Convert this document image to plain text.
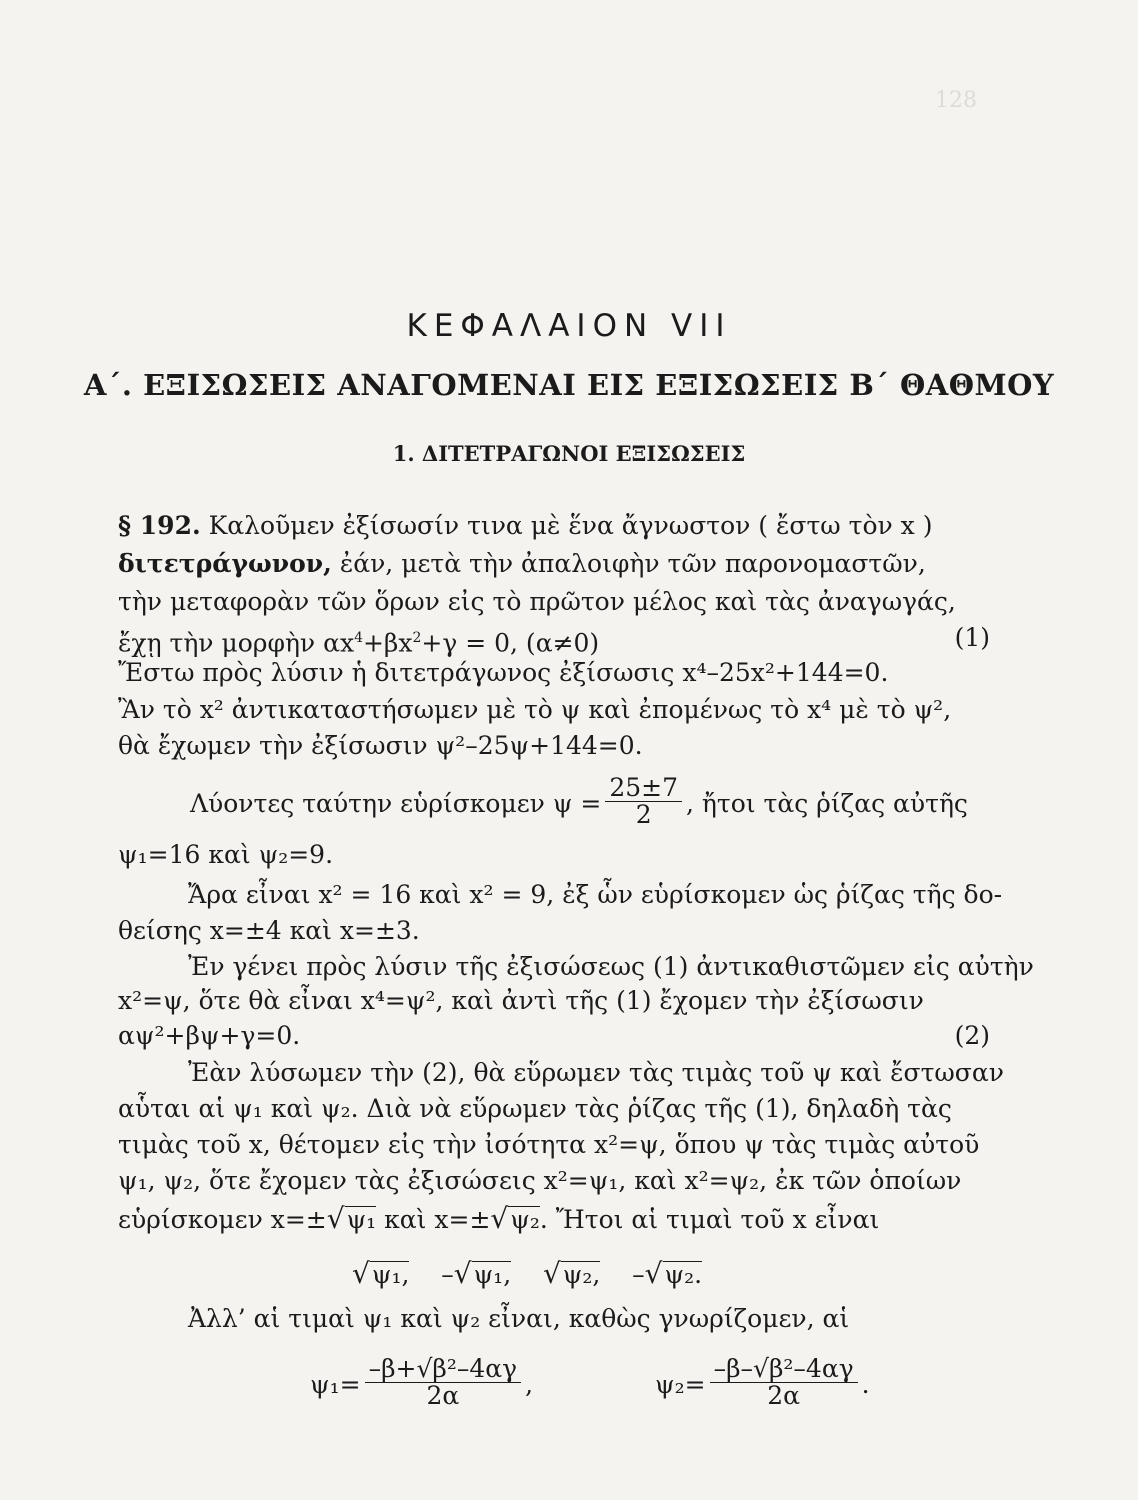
128
ΚΕΦΑΛΑΙΟΝ VII
Α΄. ΕΞΙΣΩΣΕΙΣ ΑΝΑΓΟΜΕΝΑΙ ΕΙΣ ΕΞΙΣΩΣΕΙΣ Β΄ ΘΑΘΜΟΥ
1. ΔΙΤΕΤΡΑΓΩΝΟΙ ΕΞΙΣΩΣΕΙΣ
§ 192. Καλοῦμεν ἐξίσωσίν τινα μὲ ἕνα ἄγνωστον ( ἔστω τὸν x )
διτετράγωνον, ἐάν, μετὰ τὴν ἀπαλοιφὴν τῶν παρονομαστῶν,
τὴν μεταφορὰν τῶν ὅρων εἰς τὸ πρῶτον μέλος καὶ τὰς ἀναγωγάς,
ἔχῃ τὴν μορφὴν $\alpha x^4+\beta x^2+\gamma = 0$, (α≠0)	(1)
Ἔστω πρὸς λύσιν ἡ διτετράγωνος ἐξίσωσις x⁴–25x²+144=0.
Ἂν τὸ x² ἀντικαταστήσωμεν μὲ τὸ ψ καὶ ἐπομένως τὸ x⁴ μὲ τὸ ψ²,
θὰ ἔχωμεν τὴν ἐξίσωσιν ψ²–25ψ+144=0.
Λύοντες ταύτην εὑρίσκομεν $\psi = \frac{25\pm 7}{2}$ , ἤτοι τὰς ῥίζας αὐτῆς
ψ₁=16 καὶ ψ₂=9.
Ἄρα εἶναι x² = 16 καὶ x² = 9, ἐξ ὧν εὑρίσκομεν ὡς ῥίζας τῆς δο-
θείσης x=±4 καὶ x=±3.
Ἐν γένει πρὸς λύσιν τῆς ἐξισώσεως (1) ἀντικαθιστῶμεν εἰς αὐτὴν
x²=ψ, ὅτε θὰ εἶναι x⁴=ψ², καὶ ἀντὶ τῆς (1) ἔχομεν τὴν ἐξίσωσιν
αψ²+βψ+γ=0.	(2)
Ἐὰν λύσωμεν τὴν (2), θὰ εὕρωμεν τὰς τιμὰς τοῦ ψ καὶ ἔστωσαν
αὗται αἱ ψ₁ καὶ ψ₂. Διὰ νὰ εὕρωμεν τὰς ῥίζας τῆς (1), δηλαδὴ τὰς
τιμὰς τοῦ x, θέτομεν εἰς τὴν ἰσότητα x²=ψ, ὅπου ψ τὰς τιμὰς αὐτοῦ
ψ₁, ψ₂, ὅτε ἔχομεν τὰς ἐξισώσεις x²=ψ₁, καὶ x²=ψ₂, ἐκ τῶν ὁποίων
εὑρίσκομεν x=±√ψ₁ καὶ x=±√ψ₂. Ἤτοι αἱ τιμαὶ τοῦ x εἶναι
√ψ₁, –√ψ₁, √ψ₂, –√ψ₂.
Ἀλλ’ αἱ τιμαὶ ψ₁ καὶ ψ₂ εἶναι, καθὼς γνωρίζομεν, αἱ
$\psi_1= \frac{\text{–β+√β²–4αγ}}{2\alpha}$ ,	$\psi_2= \frac{\text{–β–√β²–4αγ}}{2\alpha}$ .
